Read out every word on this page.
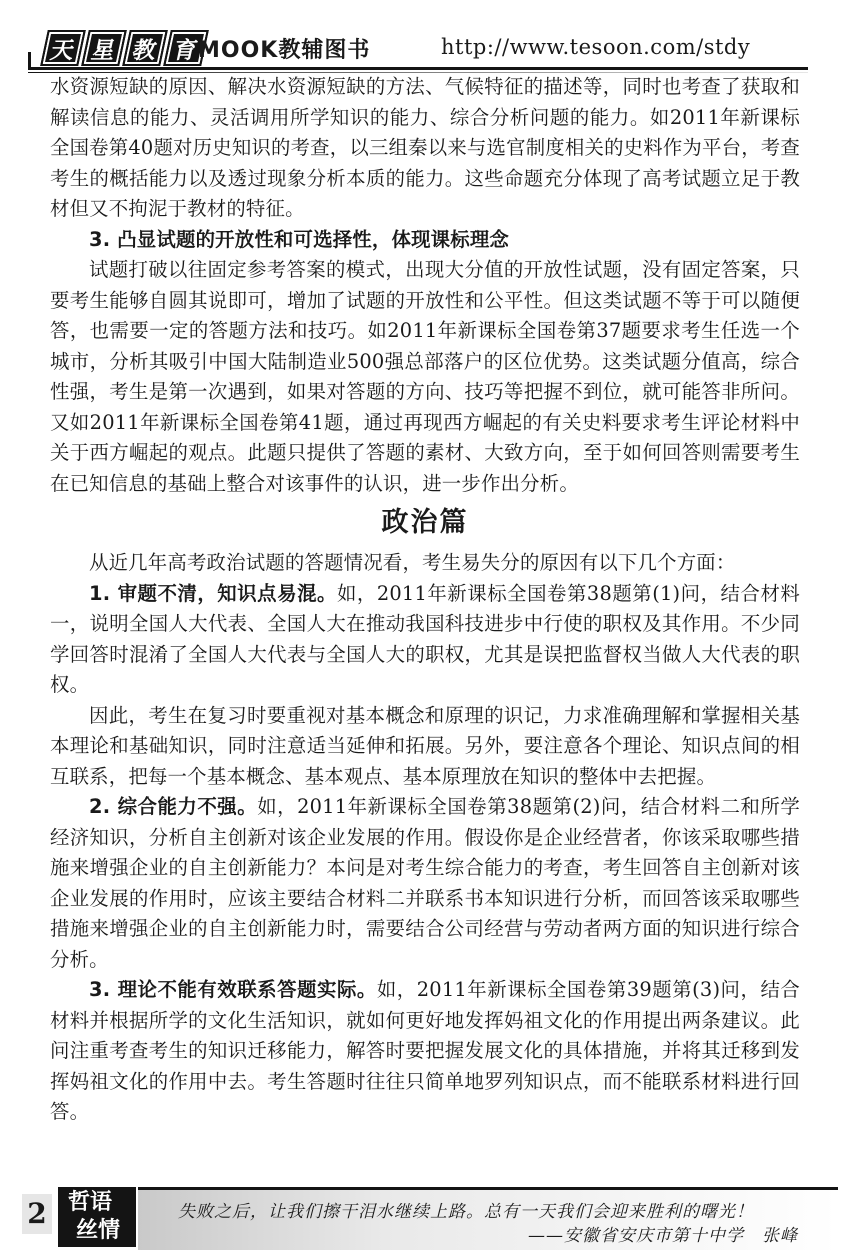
天 星 教 育
MOOK教辅图书	http://www.tesoon.com/stdy

水资源短缺的原因、解决水资源短缺的方法、气候特征的描述等，同时也考查了获取和解读信息的能力、灵活调用所学知识的能力、综合分析问题的能力。如2011年新课标全国卷第40题对历史知识的考查，以三组秦以来与选官制度相关的史料作为平台，考查考生的概括能力以及透过现象分析本质的能力。这些命题充分体现了高考试题立足于教材但又不拘泥于教材的特征。

3. 凸显试题的开放性和可选择性，体现课标理念

试题打破以往固定参考答案的模式，出现大分值的开放性试题，没有固定答案，只要考生能够自圆其说即可，增加了试题的开放性和公平性。但这类试题不等于可以随便答，也需要一定的答题方法和技巧。如2011年新课标全国卷第37题要求考生任选一个城市，分析其吸引中国大陆制造业500强总部落户的区位优势。这类试题分值高，综合性强，考生是第一次遇到，如果对答题的方向、技巧等把握不到位，就可能答非所问。又如2011年新课标全国卷第41题，通过再现西方崛起的有关史料要求考生评论材料中关于西方崛起的观点。此题只提供了答题的素材、大致方向，至于如何回答则需要考生在已知信息的基础上整合对该事件的认识，进一步作出分析。

政治篇

从近几年高考政治试题的答题情况看，考生易失分的原因有以下几个方面：

1. 审题不清，知识点易混。如，2011年新课标全国卷第38题第(1)问，结合材料一，说明全国人大代表、全国人大在推动我国科技进步中行使的职权及其作用。不少同学回答时混淆了全国人大代表与全国人大的职权，尤其是误把监督权当做人大代表的职权。

因此，考生在复习时要重视对基本概念和原理的识记，力求准确理解和掌握相关基本理论和基础知识，同时注意适当延伸和拓展。另外，要注意各个理论、知识点间的相互联系，把每一个基本概念、基本观点、基本原理放在知识的整体中去把握。

2. 综合能力不强。如，2011年新课标全国卷第38题第(2)问，结合材料二和所学经济知识，分析自主创新对该企业发展的作用。假设你是企业经营者，你该采取哪些措施来增强企业的自主创新能力？本问是对考生综合能力的考查，考生回答自主创新对该企业发展的作用时，应该主要结合材料二并联系书本知识进行分析，而回答该采取哪些措施来增强企业的自主创新能力时，需要结合公司经营与劳动者两方面的知识进行综合分析。

3. 理论不能有效联系答题实际。如，2011年新课标全国卷第39题第(3)问，结合材料并根据所学的文化生活知识，就如何更好地发挥妈祖文化的作用提出两条建议。此问注重考查考生的知识迁移能力，解答时要把握发展文化的具体措施，并将其迁移到发挥妈祖文化的作用中去。考生答题时往往只简单地罗列知识点，而不能联系材料进行回答。

2 哲语
丝情
失败之后，让我们擦干泪水继续上路。总有一天我们会迎来胜利的曙光！
——安徽省安庆市第十中学　张峰
